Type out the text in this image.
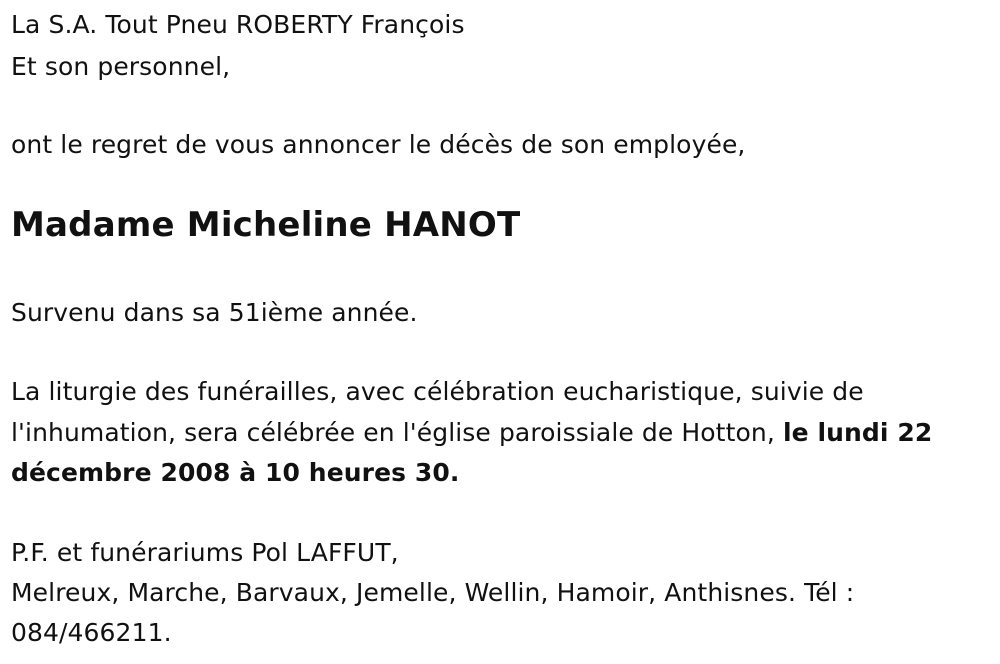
La S.A. Tout Pneu ROBERTY François
Et son personnel,
ont le regret de vous annoncer le décès de son employée,
Madame Micheline HANOT
Survenu dans sa 51ième année.
La liturgie des funérailles, avec célébration eucharistique, suivie de
l'inhumation, sera célébrée en l'église paroissiale de Hotton, le lundi 22
décembre 2008 à 10 heures 30.
P.F. et funérariums Pol LAFFUT,
Melreux, Marche, Barvaux, Jemelle, Wellin, Hamoir, Anthisnes. Tél :
084/466211.
